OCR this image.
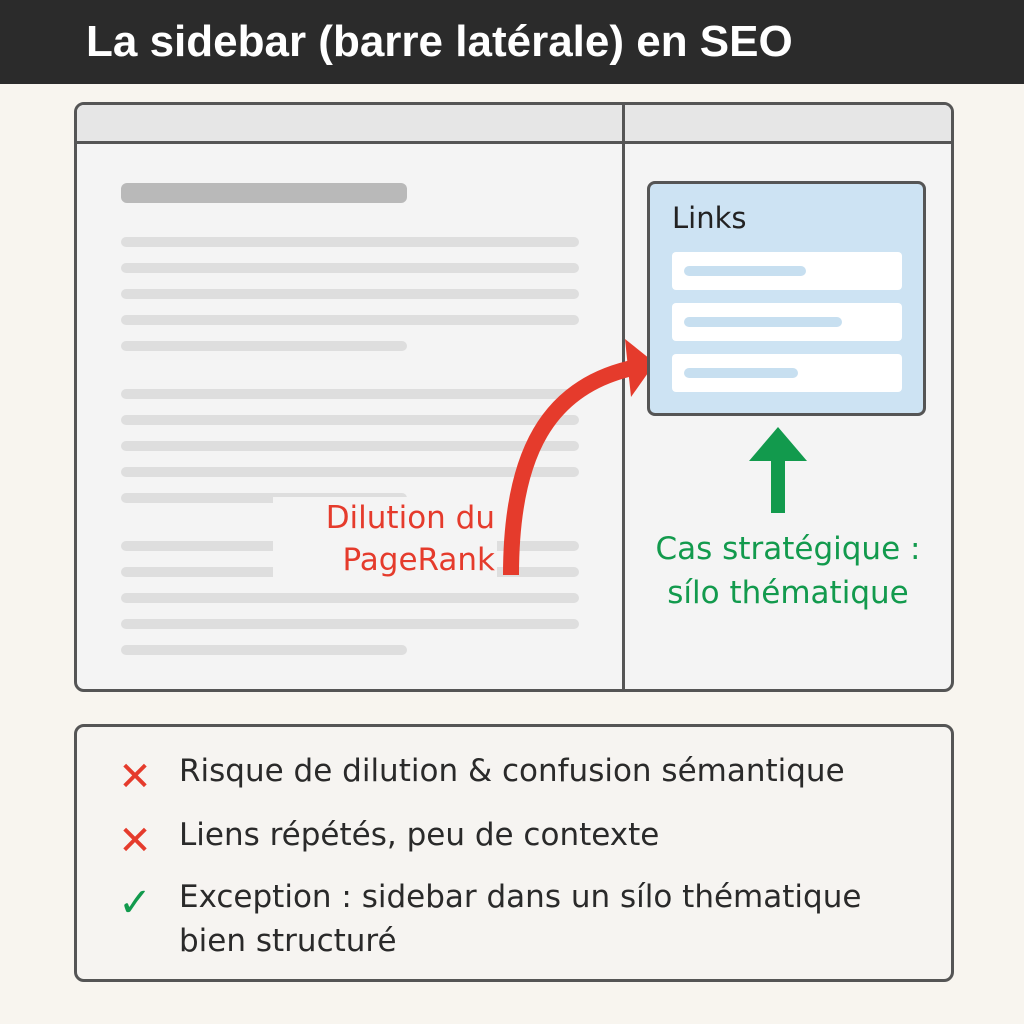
La sidebar (barre latérale) en SEO
Dilution du
PageRank
Links
Cas stratégique :
sílo thématique
✕ Risque de dilution & confusion sémantique
✕ Liens répétés, peu de contexte
✓ Exception : sidebar dans un sílo thématique bien structuré
